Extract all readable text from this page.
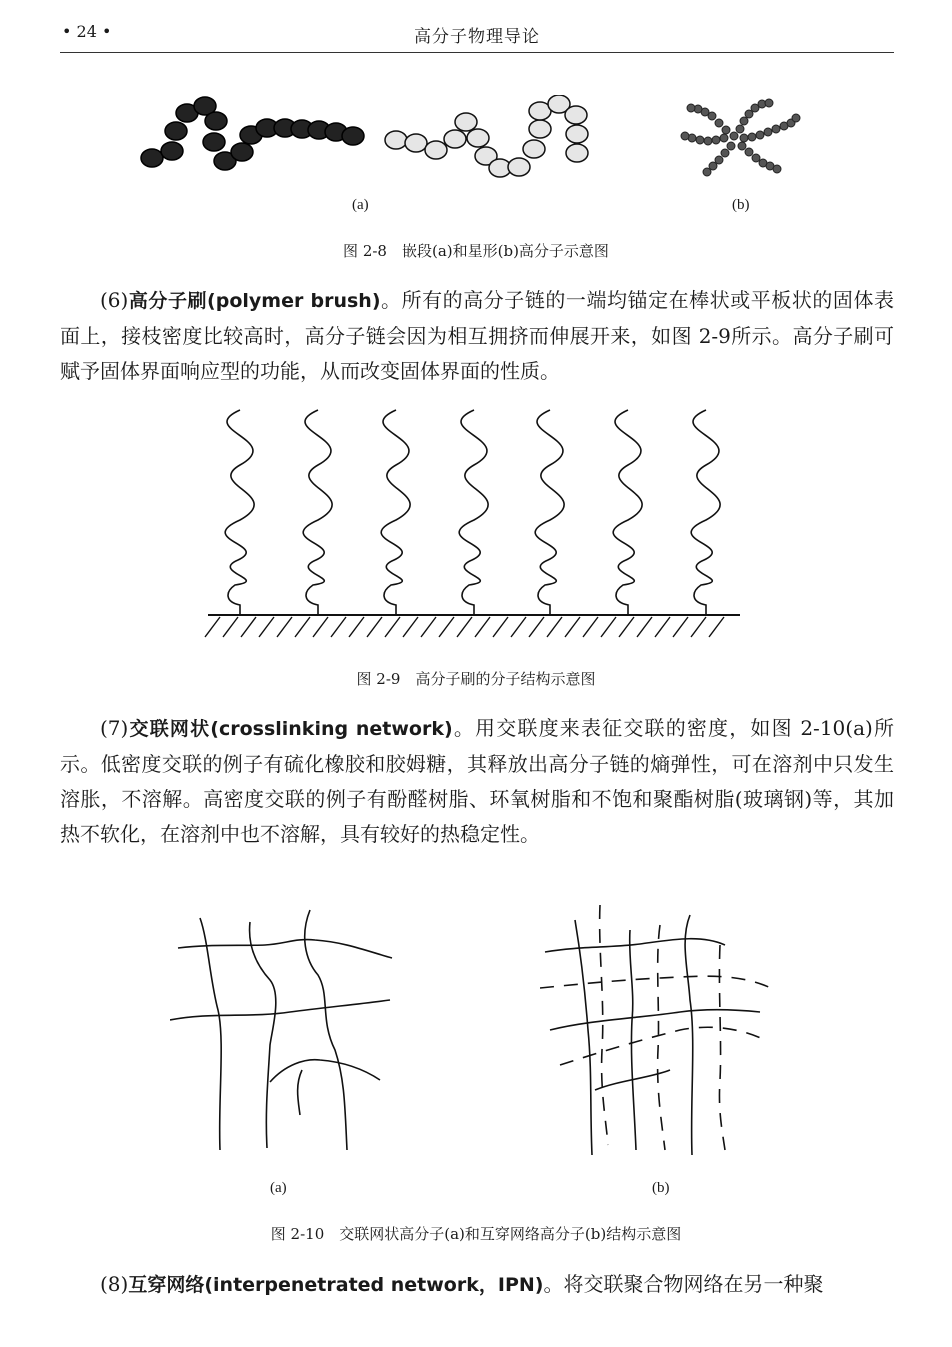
• 24 •	高分子物理导论
(a)	(b)
图 2-8　嵌段(a)和星形(b)高分子示意图
(6)高分子刷(polymer brush)。所有的高分子链的一端均锚定在棒状或平板状的固体表面上，接枝密度比较高时，高分子链会因为相互拥挤而伸展开来，如图 2-9所示。高分子刷可赋予固体界面响应型的功能，从而改变固体界面的性质。
图 2-9　高分子刷的分子结构示意图
(7)交联网状(crosslinking network)。用交联度来表征交联的密度，如图 2-10(a)所示。低密度交联的例子有硫化橡胶和胶姆糖，其释放出高分子链的熵弹性，可在溶剂中只发生溶胀，不溶解。高密度交联的例子有酚醛树脂、环氧树脂和不饱和聚酯树脂(玻璃钢)等，其加热不软化，在溶剂中也不溶解，具有较好的热稳定性。
(a)	(b)
图 2-10　交联网状高分子(a)和互穿网络高分子(b)结构示意图
(8)互穿网络(interpenetrated network，IPN)。将交联聚合物网络在另一种聚
